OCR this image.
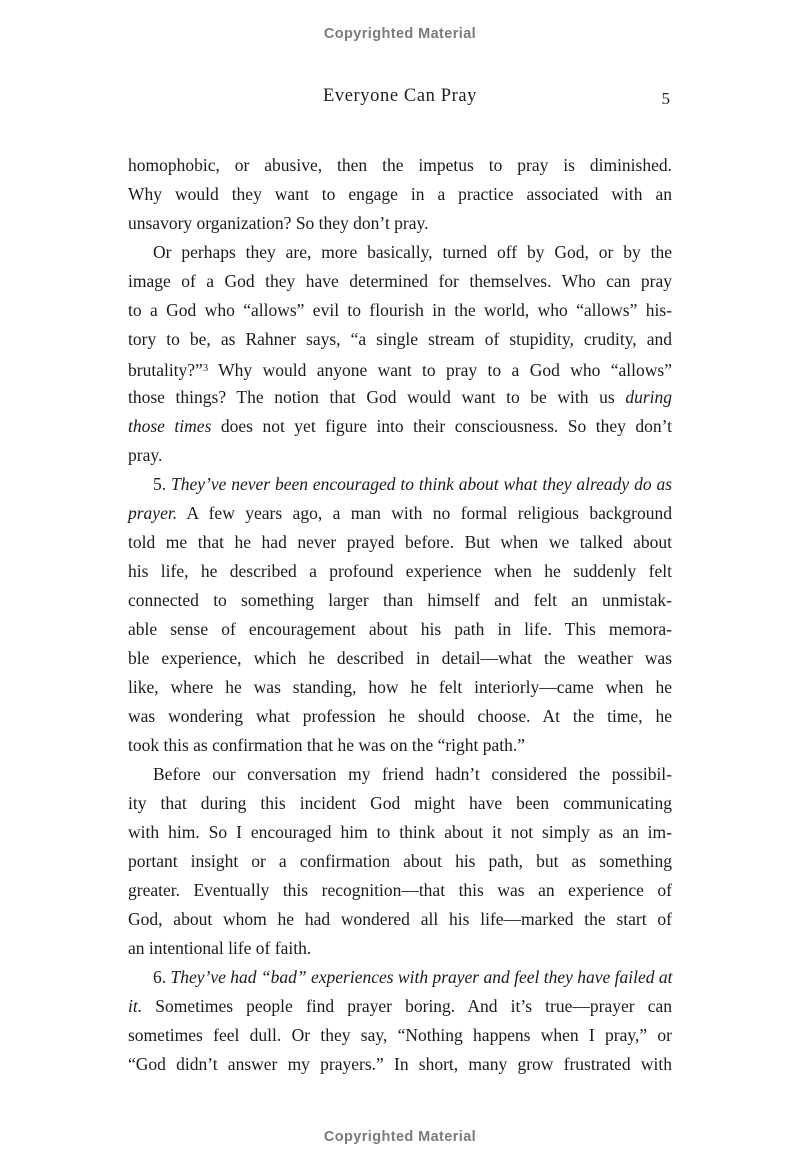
Copyrighted Material
Everyone Can Pray	5
homophobic, or abusive, then the impetus to pray is diminished.
Why would they want to engage in a practice associated with an
unsavory organization? So they don’t pray.
Or perhaps they are, more basically, turned off by God, or by the
image of a God they have determined for themselves. Who can pray
to a God who “allows” evil to flourish in the world, who “allows” his-
tory to be, as Rahner says, “a single stream of stupidity, crudity, and
brutality?”$^3$ Why would anyone want to pray to a God who “allows”
those things? The notion that God would want to be with us during
those times does not yet figure into their consciousness. So they don’t
pray.
5. They’ve never been encouraged to think about what they already do as
prayer. A few years ago, a man with no formal religious background
told me that he had never prayed before. But when we talked about
his life, he described a profound experience when he suddenly felt
connected to something larger than himself and felt an unmistak-
able sense of encouragement about his path in life. This memora-
ble experience, which he described in detail—what the weather was
like, where he was standing, how he felt interiorly—came when he
was wondering what profession he should choose. At the time, he
took this as confirmation that he was on the “right path.”
Before our conversation my friend hadn’t considered the possibil-
ity that during this incident God might have been communicating
with him. So I encouraged him to think about it not simply as an im-
portant insight or a confirmation about his path, but as something
greater. Eventually this recognition—that this was an experience of
God, about whom he had wondered all his life—marked the start of
an intentional life of faith.
6. They’ve had “bad” experiences with prayer and feel they have failed at
it. Sometimes people find prayer boring. And it’s true—prayer can
sometimes feel dull. Or they say, “Nothing happens when I pray,” or
“God didn’t answer my prayers.” In short, many grow frustrated with
Copyrighted Material
